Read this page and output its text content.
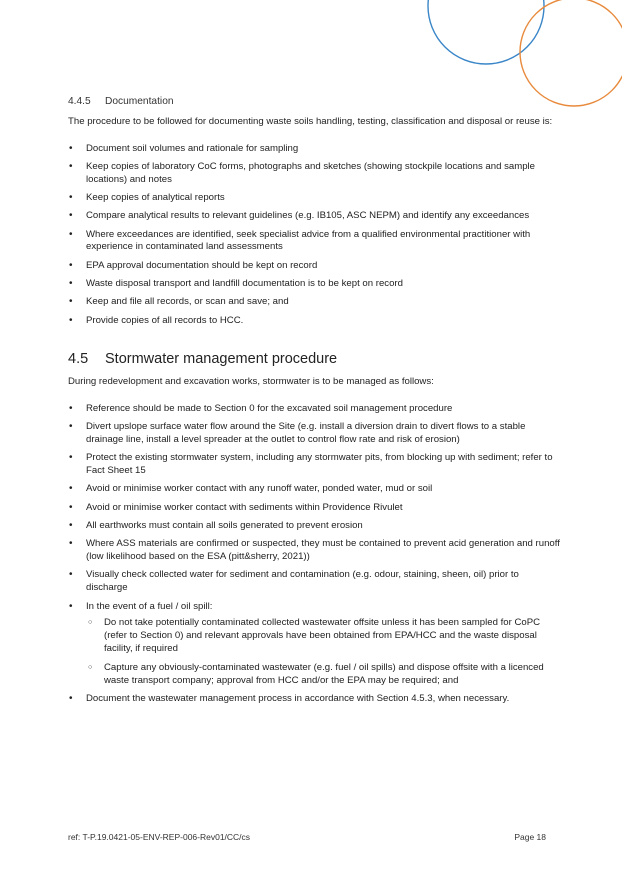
4.4.5	Documentation

The procedure to be followed for documenting waste soils handling, testing, classification and disposal or reuse is:

• Document soil volumes and rationale for sampling
• Keep copies of laboratory CoC forms, photographs and sketches (showing stockpile locations and sample locations) and notes
• Keep copies of analytical reports
• Compare analytical results to relevant guidelines (e.g. IB105, ASC NEPM) and identify any exceedances
• Where exceedances are identified, seek specialist advice from a qualified environmental practitioner with experience in contaminated land assessments
• EPA approval documentation should be kept on record
• Waste disposal transport and landfill documentation is to be kept on record
• Keep and file all records, or scan and save; and
• Provide copies of all records to HCC.
4.5	Stormwater management procedure

During redevelopment and excavation works, stormwater is to be managed as follows:

• Reference should be made to Section 0 for the excavated soil management procedure
• Divert upslope surface water flow around the Site (e.g. install a diversion drain to divert flows to a stable drainage line, install a level spreader at the outlet to control flow rate and risk of erosion)
• Protect the existing stormwater system, including any stormwater pits, from blocking up with sediment; refer to Fact Sheet 15
• Avoid or minimise worker contact with any runoff water, ponded water, mud or soil
• Avoid or minimise worker contact with sediments within Providence Rivulet
• All earthworks must contain all soils generated to prevent erosion
• Where ASS materials are confirmed or suspected, they must be contained to prevent acid generation and runoff (low likelihood based on the ESA (pitt&sherry, 2021))
• Visually check collected water for sediment and contamination (e.g. odour, staining, sheen, oil) prior to discharge
• In the event of a fuel / oil spill:
○ Do not take potentially contaminated collected wastewater offsite unless it has been sampled for CoPC (refer to Section 0) and relevant approvals have been obtained from EPA/HCC and the waste disposal facility, if required
○ Capture any obviously-contaminated wastewater (e.g. fuel / oil spills) and dispose offsite with a licenced waste transport company; approval from HCC and/or the EPA may be required; and
• Document the wastewater management process in accordance with Section 4.5.3, when necessary.
ref: T-P.19.0421-05-ENV-REP-006-Rev01/CC/cs	Page 18
